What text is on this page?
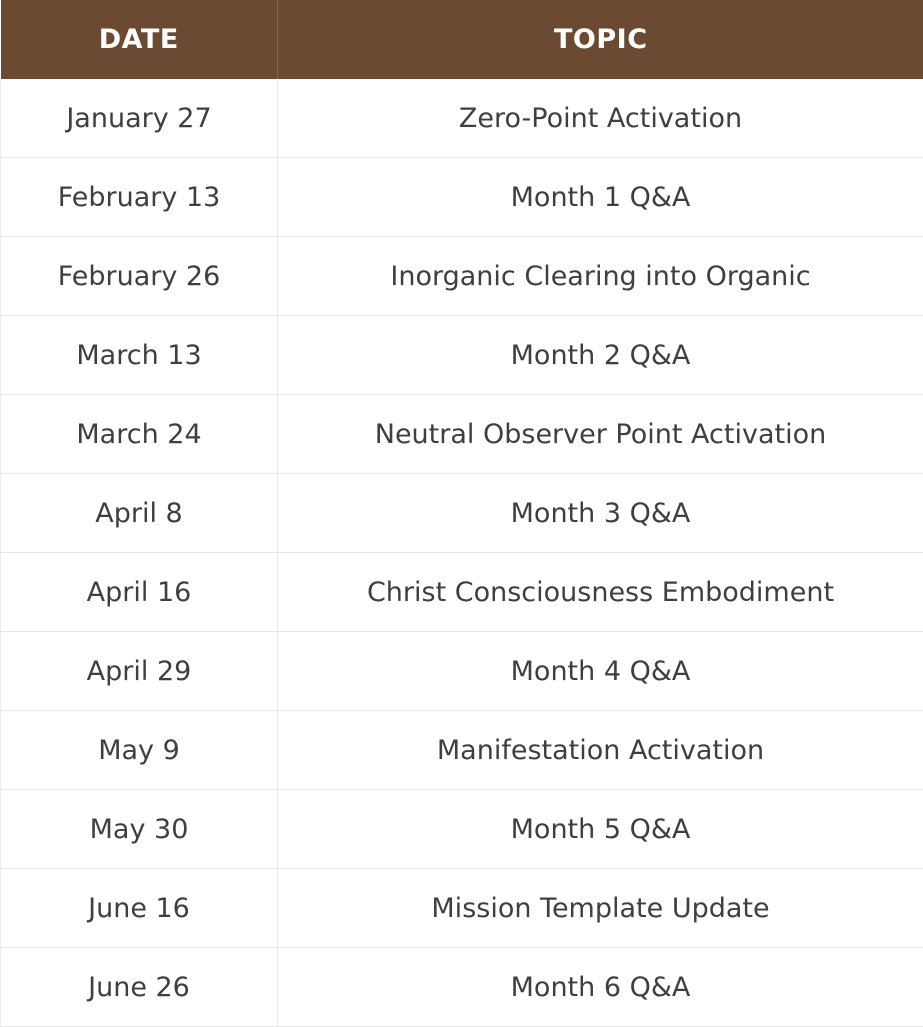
DATE	TOPIC
January 27	Zero-Point Activation
February 13	Month 1 Q&A
February 26	Inorganic Clearing into Organic
March 13	Month 2 Q&A
March 24	Neutral Observer Point Activation
April 8	Month 3 Q&A
April 16	Christ Consciousness Embodiment
April 29	Month 4 Q&A
May 9	Manifestation Activation
May 30	Month 5 Q&A
June 16	Mission Template Update
June 26	Month 6 Q&A
